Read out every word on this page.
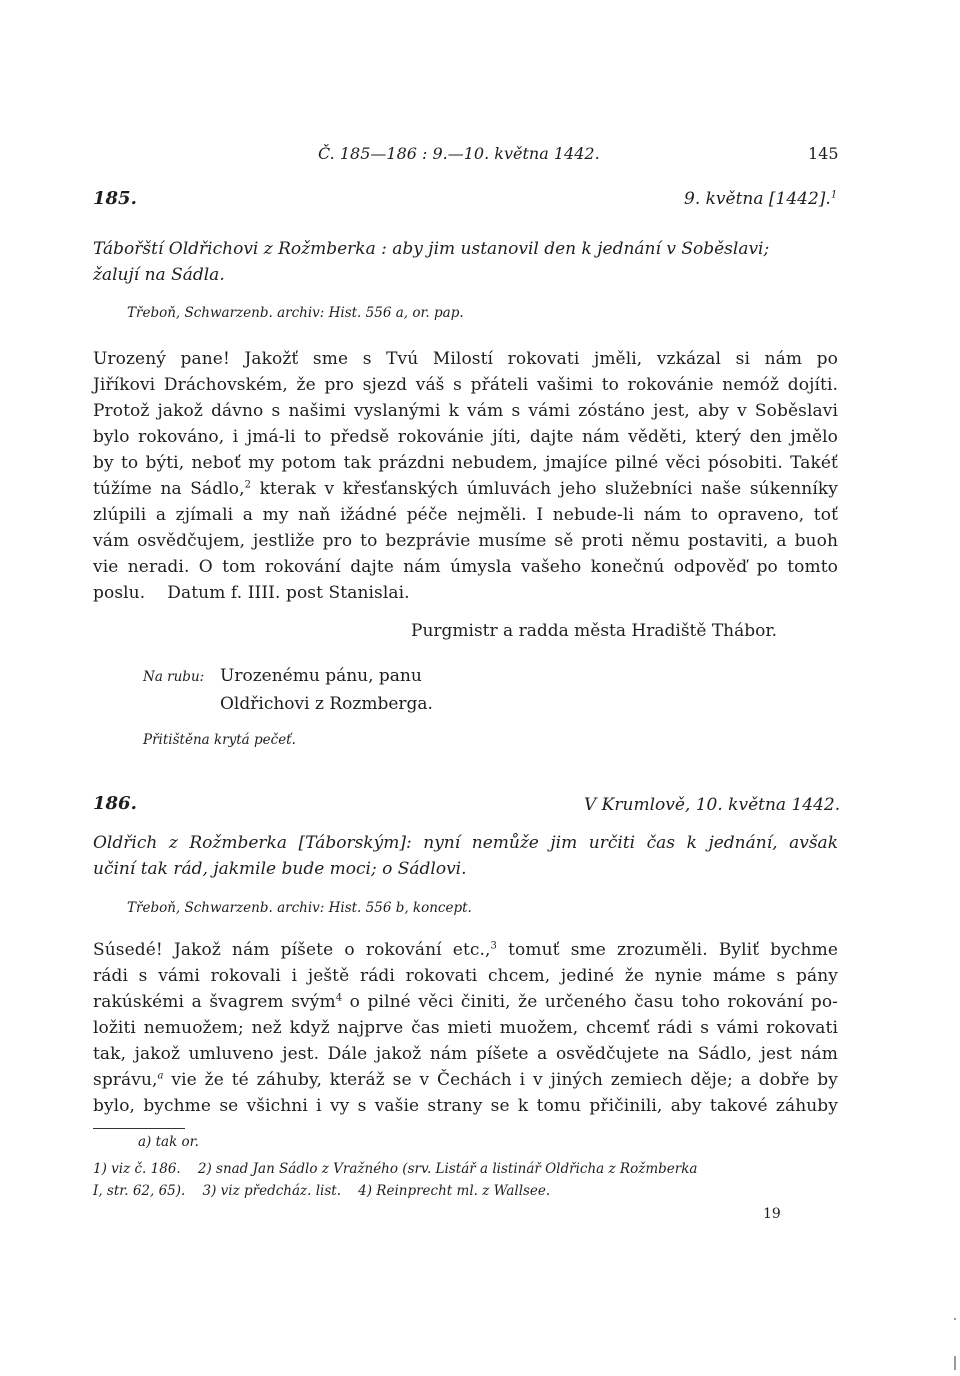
Č. 185—186 : 9.—10. května 1442.	145
185.	9. května [1442].$^1$
Tábořští Oldřichovi z Rožmberka : aby jim ustanovil den k jednání v Soběslavi;
žalují na Sádla.
Třeboň, Schwarzenb. archiv: Hist. 556 a, or. pap.
Urozený pane! Jakožť sme s Tvú Milostí rokovati jměli, vzkázal si nám po
Jiříkovi Dráchovském, že pro sjezd váš s přáteli vašimi to rokovánie nemóž dojíti.
Protož jakož dávno s našimi vyslanými k vám s vámi zóstáno jest, aby v Soběslavi
bylo rokováno, i jmá-li to předsě rokovánie jíti, dajte nám věděti, který den jmělo
by to býti, neboť my potom tak prázdni nebudem, jmajíce pilné věci pósobiti. Takéť
túžíme na Sádlo,$^2$ kterak v křesťanských úmluvách jeho služebníci naše súkenníky
zlúpili a zjímali a my naň ižádné péče nejměli. I nebude-li nám to opraveno, toť
vám osvědčujem, jestliže pro to bezprávie musíme sě proti němu postaviti, a buoh
vie neradi. O tom rokování dajte nám úmysla vašeho konečnú odpověď po tomto
poslu.    Datum f. IIII. post Stanislai.
Purgmistr a radda města Hradiště Thábor.
Na rubu: Urozenému pánu, panu
Oldřichovi z Rozmberga.
Přitištěna krytá pečeť.
186.	V Krumlově, 10. května 1442.
Oldřich z Rožmberka [Táborským]: nyní nemůže jim určiti čas k jednání, avšak
učiní tak rád, jakmile bude moci; o Sádlovi.
Třeboň, Schwarzenb. archiv: Hist. 556 b, koncept.
Súsedé! Jakož nám píšete o rokování etc.,$^3$ tomuť sme zrozuměli. Byliť bychme
rádi s vámi rokovali i ještě rádi rokovati chcem, jediné že nynie máme s pány
rakúskémi a švagrem svým$^4$ o pilné věci činiti, že určeného času toho rokování po-
ložiti nemuožem; než když najprve čas mieti muožem, chcemť rádi s vámi rokovati
tak, jakož umluveno jest. Dále jakož nám píšete a osvědčujete na Sádlo, jest nám
správu,$^a$ vie že té záhuby, kteráž se v Čechách i v jiných zemiech děje; a dobře by
bylo, bychme se všichni i vy s vašie strany se k tomu přičinili, aby takové záhuby
a) tak or.
1) viz č. 186.    2) snad Jan Sádlo z Vražného (srv. Listář a listinář Oldřicha z Rožmberka
I, str. 62, 65).    3) viz předcház. list.    4) Reinprecht ml. z Wallsee.
19
